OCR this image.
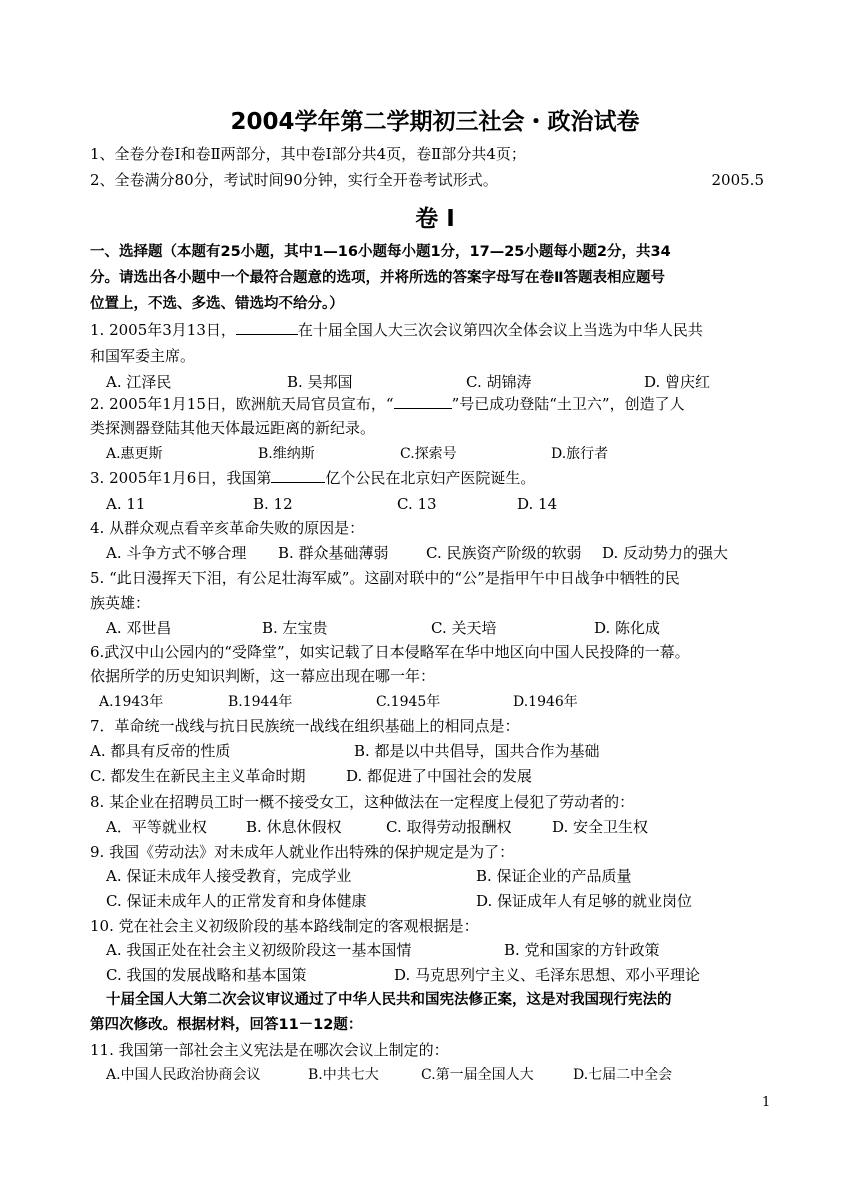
2004学年第二学期初三社会・政治试卷
1、全卷分卷Ⅰ和卷Ⅱ两部分，其中卷Ⅰ部分共4页，卷Ⅱ部分共4页；
2、全卷满分80分，考试时间90分钟，实行全开卷考试形式。	2005.5
卷 Ⅰ
一、选择题（本题有25小题，其中1—16小题每小题1分，17—25小题每小题2分，共34
分。请选出各小题中一个最符合题意的选项，并将所选的答案字母写在卷Ⅱ答题表相应题号
位置上，不选、多选、错选均不给分。）
1. 2005年3月13日，	在十届全国人大三次会议第四次全体会议上当选为中华人民共
和国军委主席。
A. 江泽民	B. 吴邦国	C. 胡锦涛	D. 曾庆红
2. 2005年1月15日，欧洲航天局官员宣布，“	”号已成功登陆“土卫六”，创造了人
类探测器登陆其他天体最远距离的新纪录。
A.惠更斯	B.维纳斯	C.探索号	D.旅行者
3. 2005年1月6日，我国第	亿个公民在北京妇产医院诞生。
A. 11	B. 12	C. 13	D. 14
4. 从群众观点看辛亥革命失败的原因是：
A. 斗争方式不够合理 B. 群众基础薄弱 C. 民族资产阶级的软弱 D. 反动势力的强大
5. “此日漫挥天下泪，有公足壮海军威”。这副对联中的“公”是指甲午中日战争中牺牲的民
族英雄：
A. 邓世昌	B. 左宝贵	C. 关天培	D. 陈化成
6.武汉中山公园内的“受降堂”，如实记载了日本侵略军在华中地区向中国人民投降的一幕。
依据所学的历史知识判断，这一幕应出现在哪一年：
A.1943年	B.1944年	C.1945年	D.1946年
7．革命统一战线与抗日民族统一战线在组织基础上的相同点是：
A. 都具有反帝的性质	B. 都是以中共倡导，国共合作为基础
C. 都发生在新民主主义革命时期	D. 都促进了中国社会的发展
8. 某企业在招聘员工时一概不接受女工，这种做法在一定程度上侵犯了劳动者的：
A．平等就业权	B. 休息休假权	C. 取得劳动报酬权	D. 安全卫生权
9. 我国《劳动法》对未成年人就业作出特殊的保护规定是为了：
A. 保证未成年人接受教育，完成学业	B. 保证企业的产品质量
C. 保证未成年人的正常发育和身体健康	D. 保证成年人有足够的就业岗位
10. 党在社会主义初级阶段的基本路线制定的客观根据是：
A. 我国正处在社会主义初级阶段这一基本国情	B. 党和国家的方针政策
C. 我国的发展战略和基本国策	D. 马克思列宁主义、毛泽东思想、邓小平理论
十届全国人大第二次会议审议通过了中华人民共和国宪法修正案，这是对我国现行宪法的
第四次修改。根据材料，回答11－12题：
11. 我国第一部社会主义宪法是在哪次会议上制定的：
A.中国人民政治协商会议	B.中共七大	C.第一届全国人大	D.七届二中全会
1
